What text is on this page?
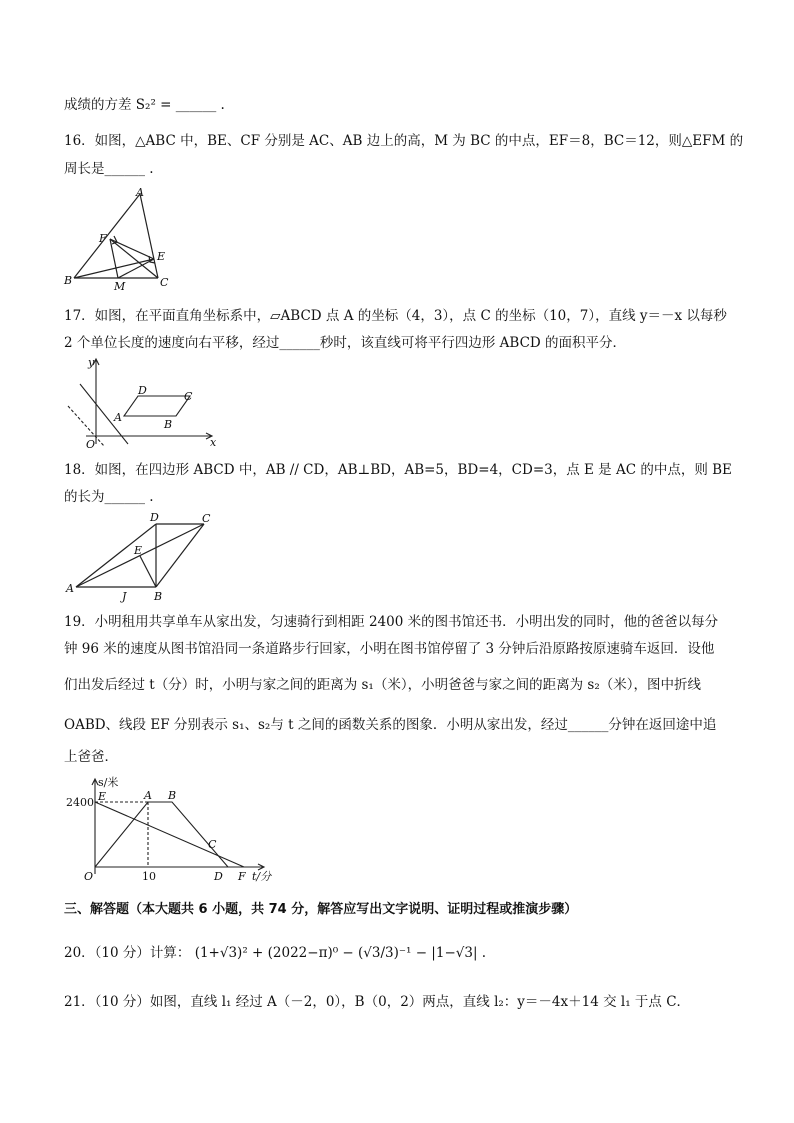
成绩的方差 S₂² = ______ .
16．如图，△ABC 中，BE、CF 分别是 AC、AB 边上的高，M 为 BC 的中点，EF＝8，BC＝12，则△EFM 的
周长是______ .
A
F
E
B	M	C
17．如图，在平面直角坐标系中，▱ABCD 点 A 的坐标（4，3），点 C 的坐标（10，7），直线 y＝－x 以每秒
2 个单位长度的速度向右平移，经过______秒时，该直线可将平行四边形 ABCD 的面积平分．
y
D	C
A
B
O	x
18．如图，在四边形 ABCD 中，AB // CD，AB⊥BD，AB=5，BD=4，CD=3，点 E 是 AC 的中点，则 BE
的长为______ .
D	C
E
A
J	B
19．小明租用共享单车从家出发，匀速骑行到相距 2400 米的图书馆还书．小明出发的同时，他的爸爸以每分
钟 96 米的速度从图书馆沿同一条道路步行回家，小明在图书馆停留了 3 分钟后沿原路按原速骑车返回．设他
们出发后经过 t（分）时，小明与家之间的距离为 s₁（米），小明爸爸与家之间的距离为 s₂（米），图中折线
OABD、线段 EF 分别表示 s₁、s₂与 t 之间的函数关系的图象．小明从家出发，经过______分钟在返回途中追
上爸爸．
s/米
2400 E	A B
C
O	10	D F t/分
三、解答题（本大题共 6 小题，共 74 分，解答应写出文字说明、证明过程或推演步骤）
20．（10 分）计算： (1+√3)² + (2022−π)⁰ − (√3/3)⁻¹ − |1−√3| .
21．（10 分）如图，直线 l₁ 经过 A（－2，0），B（0，2）两点，直线 l₂：y＝－4x＋14 交 l₁ 于点 C．
